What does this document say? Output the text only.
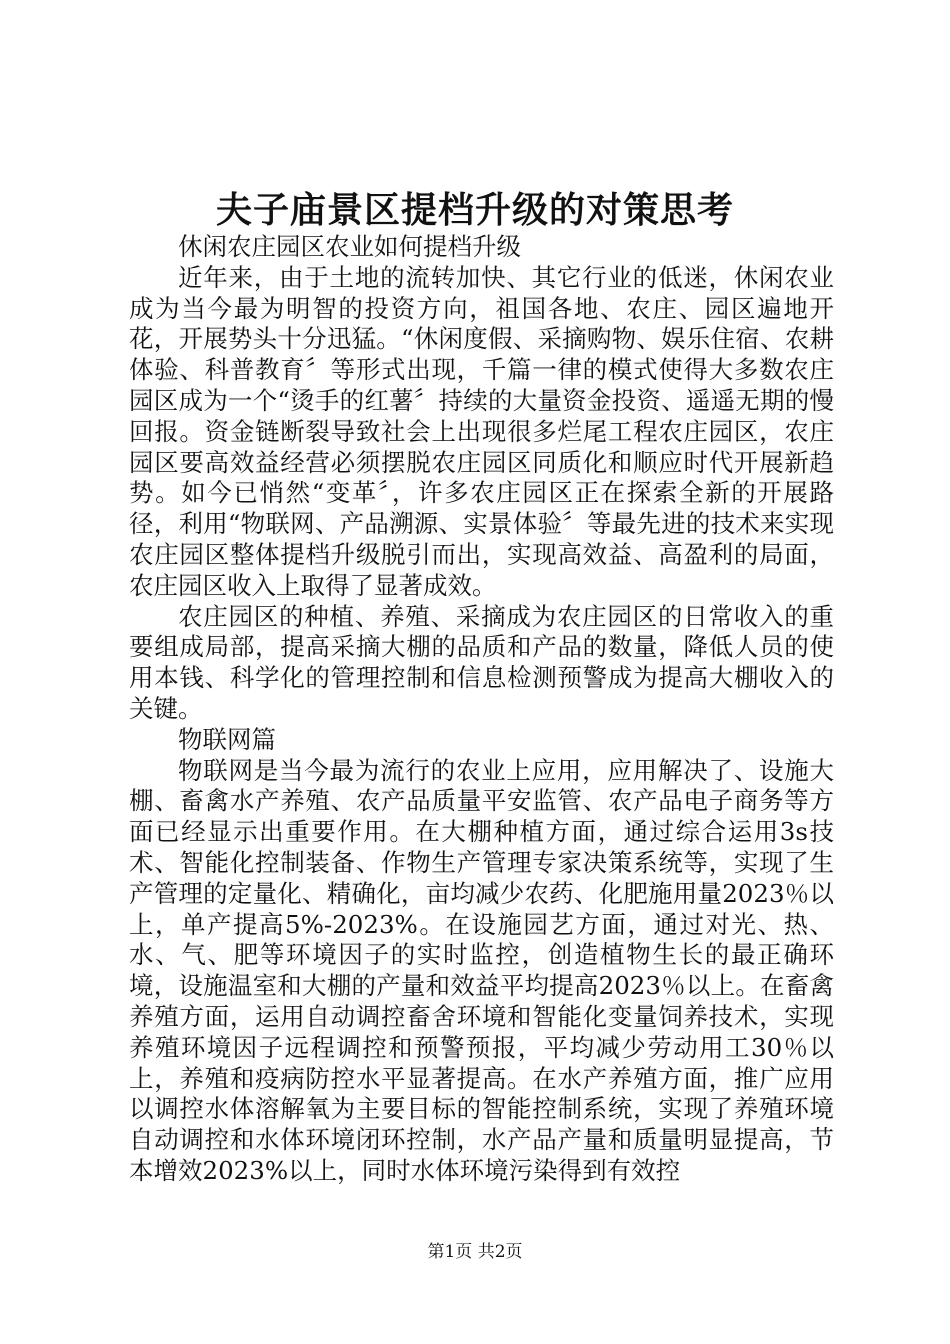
夫子庙景区提档升级的对策思考

休闲农庄园区农业如何提档升级

近年来，由于土地的流转加快、其它行业的低迷，休闲农业成为当今最为明智的投资方向，祖国各地、农庄、园区遍地开花，开展势头十分迅猛。“休闲度假、采摘购物、娱乐住宿、农耕体验、科普教育〞等形式出现，千篇一律的模式使得大多数农庄园区成为一个“烫手的红薯〞持续的大量资金投资、遥遥无期的慢回报。资金链断裂导致社会上出现很多烂尾工程农庄园区，农庄园区要高效益经营必须摆脱农庄园区同质化和顺应时代开展新趋势。如今已悄然“变革〞，许多农庄园区正在探索全新的开展路径，利用“物联网、产品溯源、实景体验〞等最先进的技术来实现农庄园区整体提档升级脱引而出，实现高效益、高盈利的局面，农庄园区收入上取得了显著成效。

农庄园区的种植、养殖、采摘成为农庄园区的日常收入的重要组成局部，提高采摘大棚的品质和产品的数量，降低人员的使用本钱、科学化的管理控制和信息检测预警成为提高大棚收入的关键。

物联网篇

物联网是当今最为流行的农业上应用，应用解决了、设施大棚、畜禽水产养殖、农产品质量平安监管、农产品电子商务等方面已经显示出重要作用。在大棚种植方面，通过综合运用3s技术、智能化控制装备、作物生产管理专家决策系统等，实现了生产管理的定量化、精确化，亩均减少农药、化肥施用量2023％以上，单产提高5%-2023%。在设施园艺方面，通过对光、热、水、气、肥等环境因子的实时监控，创造植物生长的最正确环境，设施温室和大棚的产量和效益平均提高2023％以上。在畜禽养殖方面，运用自动调控畜舍环境和智能化变量饲养技术，实现养殖环境因子远程调控和预警预报，平均减少劳动用工30％以上，养殖和疫病防控水平显著提高。在水产养殖方面，推广应用以调控水体溶解氧为主要目标的智能控制系统，实现了养殖环境自动调控和水体环境闭环控制，水产品产量和质量明显提高，节本增效2023%以上，同时水体环境污染得到有效控

第1页 共2页
